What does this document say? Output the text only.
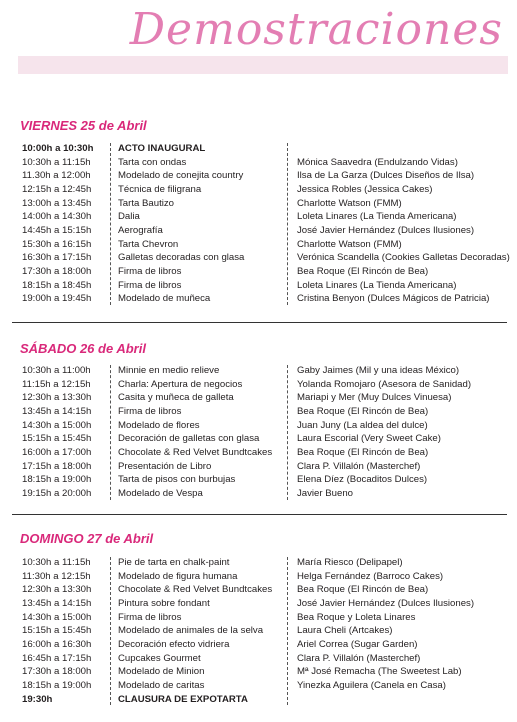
Demostraciones
VIERNES 25 de Abril
10:00h a 10:30h	ACTO INAUGURAL
10:30h a 11:15h	Tarta con ondas	Mónica Saavedra (Endulzando Vidas)
11.30h a 12:00h	Modelado de conejita country	Ilsa de La Garza (Dulces Diseños de Ilsa)
12:15h a 12:45h	Técnica de filigrana	Jessica Robles (Jessica Cakes)
13:00h a 13:45h	Tarta Bautizo	Charlotte Watson (FMM)
14:00h a 14:30h	Dalia	Loleta Linares (La Tienda Americana)
14:45h a 15:15h	Aerografía	José Javier Hernández (Dulces Ilusiones)
15:30h a 16:15h	Tarta Chevron	Charlotte Watson (FMM)
16:30h a 17:15h	Galletas decoradas con glasa	Verónica Scandella (Cookies Galletas Decoradas)
17:30h a 18:00h	Firma de libros	Bea Roque (El Rincón de Bea)
18:15h a 18:45h	Firma de libros	Loleta Linares (La Tienda Americana)
19:00h a 19:45h	Modelado de muñeca	Cristina Benyon (Dulces Mágicos de Patricia)
SÁBADO 26 de Abril
10:30h a 11:00h	Minnie en medio relieve	Gaby Jaimes (Mil y una ideas México)
11:15h a 12:15h	Charla: Apertura de negocios	Yolanda Romojaro (Asesora de Sanidad)
12:30h a 13:30h	Casita y muñeca de galleta	Mariapi y Mer (Muy Dulces Vinuesa)
13:45h a 14:15h	Firma de libros	Bea Roque (El Rincón de Bea)
14:30h a 15:00h	Modelado de flores	Juan Juny (La aldea del dulce)
15:15h a 15:45h	Decoración de galletas con glasa	Laura Escorial (Very Sweet Cake)
16:00h a 17:00h	Chocolate & Red Velvet Bundtcakes	Bea Roque (El Rincón de Bea)
17:15h a 18:00h	Presentación de Libro	Clara P. Villalón (Masterchef)
18:15h a 19:00h	Tarta de pisos con burbujas	Elena Díez (Bocaditos Dulces)
19:15h a 20:00h	Modelado de Vespa	Javier Bueno
DOMINGO 27 de Abril
10:30h a 11:15h	Pie de tarta en chalk-paint	María Riesco (Delipapel)
11:30h a 12:15h	Modelado de figura humana	Helga Fernández (Barroco Cakes)
12:30h a 13:30h	Chocolate & Red Velvet Bundtcakes	Bea Roque (El Rincón de Bea)
13:45h a 14:15h	Pintura sobre fondant	José Javier Hernández (Dulces Ilusiones)
14:30h a 15:00h	Firma de libros	Bea Roque y Loleta Linares
15:15h a 15:45h	Modelado de animales de la selva	Laura Cheli (Artcakes)
16:00h a 16:30h	Decoración efecto vidriera	Ariel Correa (Sugar Garden)
16:45h a 17:15h	Cupcakes Gourmet	Clara P. Villalón (Masterchef)
17:30h a 18:00h	Modelado de Minion	Mª José Remacha (The Sweetest Lab)
18:15h a 19:00h	Modelado de caritas	Yinezka Aguilera (Canela en Casa)
19:30h	CLAUSURA DE EXPOTARTA
